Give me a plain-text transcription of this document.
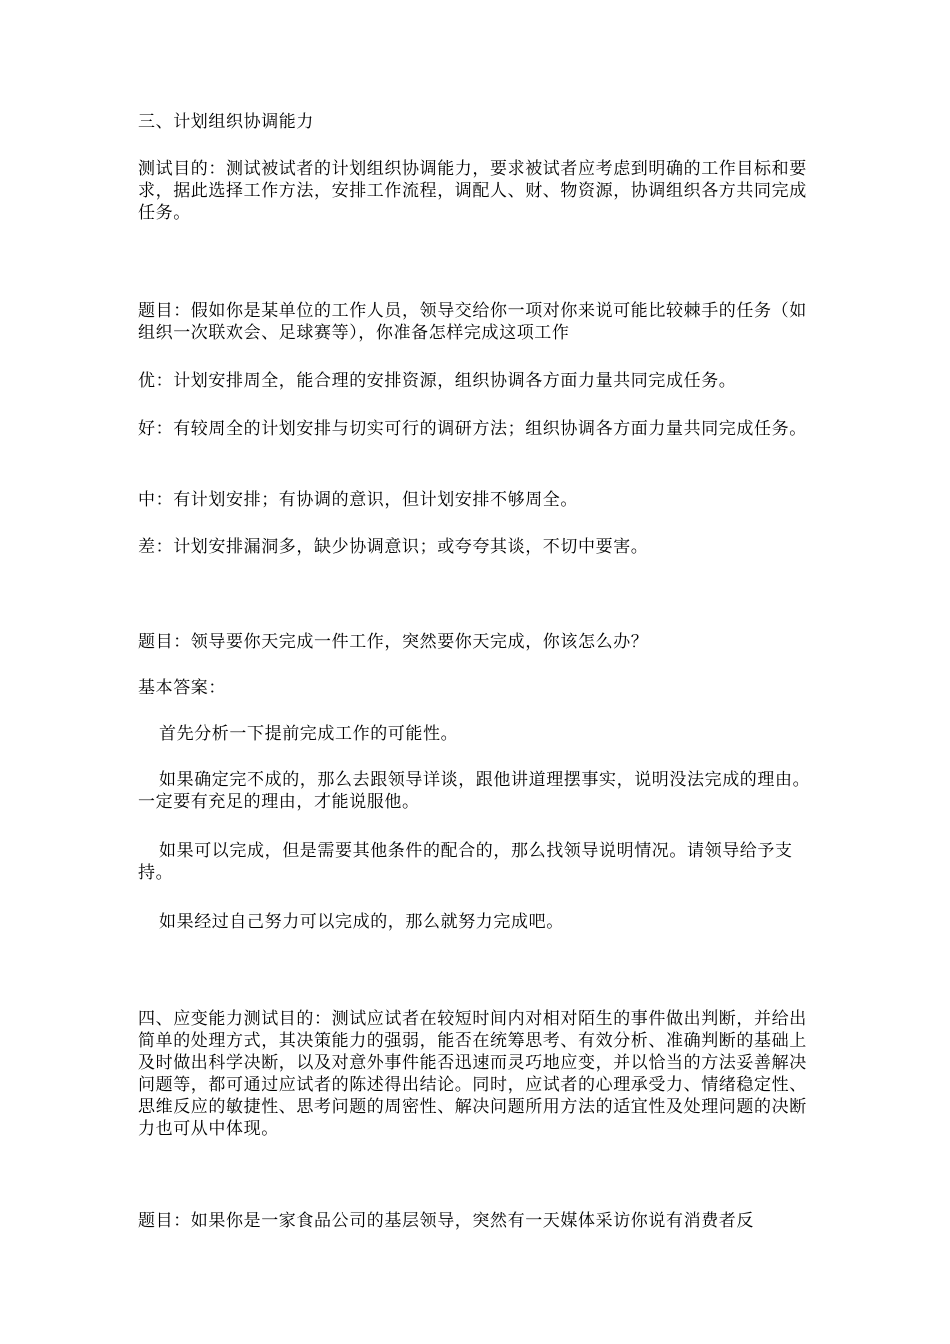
三、计划组织协调能力

测试目的：测试被试者的计划组织协调能力，要求被试者应考虑到明确的工作目标和要求，据此选择工作方法，安排工作流程，调配人、财、物资源，协调组织各方共同完成任务。

题目：假如你是某单位的工作人员，领导交给你一项对你来说可能比较棘手的任务（如组织一次联欢会、足球赛等），你准备怎样完成这项工作

优：计划安排周全，能合理的安排资源，组织协调各方面力量共同完成任务。

好：有较周全的计划安排与切实可行的调研方法；组织协调各方面力量共同完成任务。

中：有计划安排；有协调的意识，但计划安排不够周全。

差：计划安排漏洞多，缺少协调意识；或夸夸其谈，不切中要害。

题目：领导要你天完成一件工作，突然要你天完成，你该怎么办？

基本答案：

首先分析一下提前完成工作的可能性。

如果确定完不成的，那么去跟领导详谈，跟他讲道理摆事实，说明没法完成的理由。一定要有充足的理由，才能说服他。

如果可以完成，但是需要其他条件的配合的，那么找领导说明情况。请领导给予支持。

如果经过自己努力可以完成的，那么就努力完成吧。

四、应变能力测试目的：测试应试者在较短时间内对相对陌生的事件做出判断，并给出简单的处理方式，其决策能力的强弱，能否在统筹思考、有效分析、准确判断的基础上及时做出科学决断，以及对意外事件能否迅速而灵巧地应变，并以恰当的方法妥善解决问题等，都可通过应试者的陈述得出结论。同时，应试者的心理承受力、情绪稳定性、思维反应的敏捷性、思考问题的周密性、解决问题所用方法的适宜性及处理问题的决断力也可从中体现。

题目：如果你是一家食品公司的基层领导，突然有一天媒体采访你说有消费者反
